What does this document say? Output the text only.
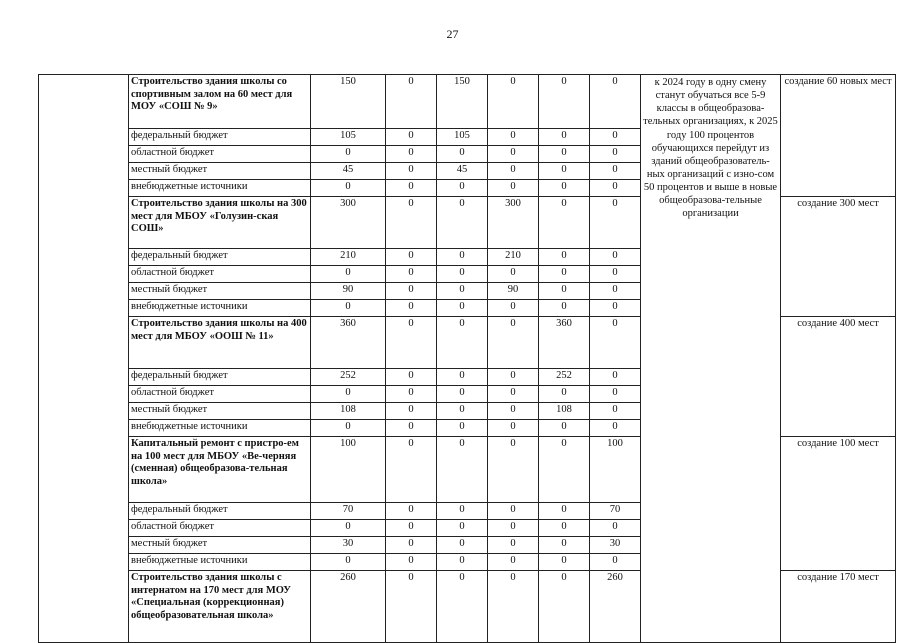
27
	Строительство здания школы со спортивным залом на 60 мест для МОУ «СОШ № 9»	150	0	150	0	0	0	к 2024 году в одну смену станут обучаться все 5-9 классы в общеобразова-тельных организациях, к 2025 году 100 процентов обучающихся перейдут из зданий общеобразователь-ных организаций с изно-сом 50 процентов и выше в новые общеобразова-тельные организации	создание 60 новых мест
	федеральный бюджет	105	0	105	0	0	0		
	областной бюджет	0	0	0	0	0	0		
	местный бюджет	45	0	45	0	0	0		
	внебюджетные источники	0	0	0	0	0	0		
	Строительство здания школы на 300 мест для МБОУ «Голузин-ская СОШ»	300	0	0	300	0	0		создание 300 мест
	федеральный бюджет	210	0	0	210	0	0		
	областной бюджет	0	0	0	0	0	0		
	местный бюджет	90	0	0	90	0	0		
	внебюджетные источники	0	0	0	0	0	0		
	Строительство здания школы на 400 мест для МБОУ «ООШ № 11»	360	0	0	0	360	0		создание 400 мест
	федеральный бюджет	252	0	0	0	252	0		
	областной бюджет	0	0	0	0	0	0		
	местный бюджет	108	0	0	0	108	0		
	внебюджетные источники	0	0	0	0	0	0		
	Капитальный ремонт с пристро-ем на 100 мест для МБОУ «Ве-черняя (сменная) общеобразова-тельная школа»	100	0	0	0	0	100		создание 100 мест
	федеральный бюджет	70	0	0	0	0	70		
	областной бюджет	0	0	0	0	0	0		
	местный бюджет	30	0	0	0	0	30		
	внебюджетные источники	0	0	0	0	0	0		
	Строительство здания школы с интернатом на 170 мест для МОУ «Специальная (коррекционная) общеобразовательная школа»	260	0	0	0	0	260		создание 170 мест
